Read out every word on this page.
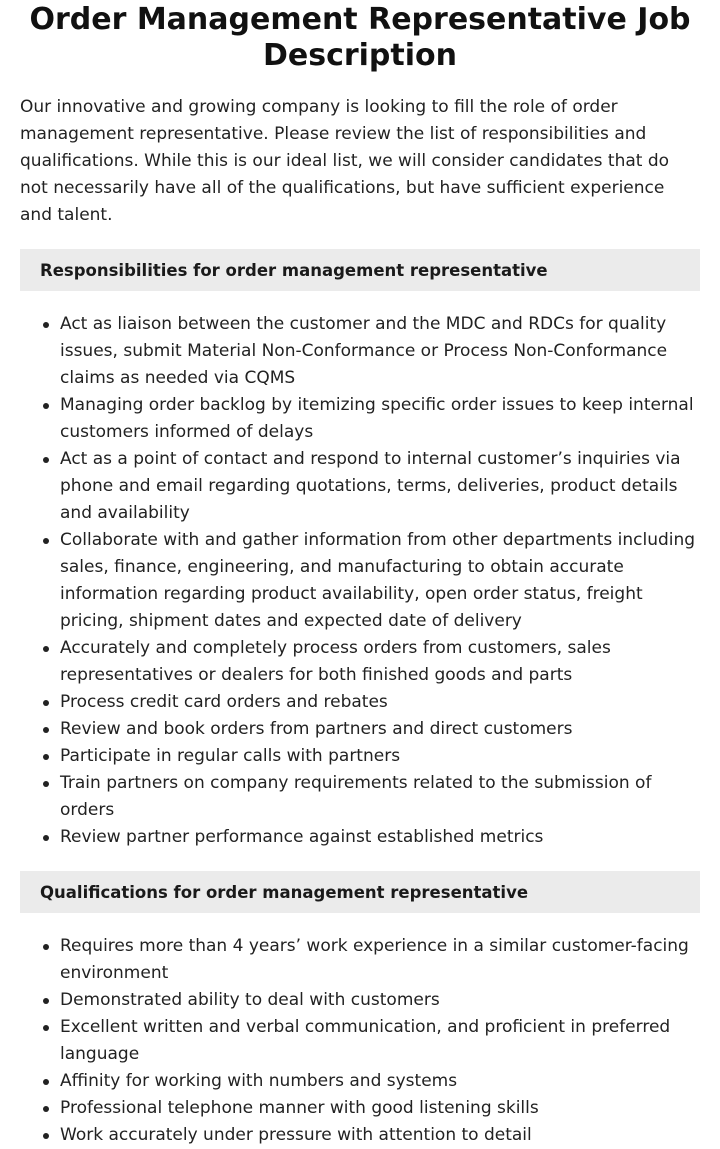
Order Management Representative Job Description

Our innovative and growing company is looking to fill the role of order management representative. Please review the list of responsibilities and qualifications. While this is our ideal list, we will consider candidates that do not necessarily have all of the qualifications, but have sufficient experience and talent.

Responsibilities for order management representative
Act as liaison between the customer and the MDC and RDCs for quality issues, submit Material Non-Conformance or Process Non-Conformance claims as needed via CQMS
Managing order backlog by itemizing specific order issues to keep internal customers informed of delays
Act as a point of contact and respond to internal customer’s inquiries via phone and email regarding quotations, terms, deliveries, product details and availability
Collaborate with and gather information from other departments including sales, finance, engineering, and manufacturing to obtain accurate information regarding product availability, open order status, freight pricing, shipment dates and expected date of delivery
Accurately and completely process orders from customers, sales representatives or dealers for both finished goods and parts
Process credit card orders and rebates
Review and book orders from partners and direct customers
Participate in regular calls with partners
Train partners on company requirements related to the submission of orders
Review partner performance against established metrics
Qualifications for order management representative
Requires more than 4 years’ work experience in a similar customer-facing environment
Demonstrated ability to deal with customers
Excellent written and verbal communication, and proficient in preferred language
Affinity for working with numbers and systems
Professional telephone manner with good listening skills
Work accurately under pressure with attention to detail
